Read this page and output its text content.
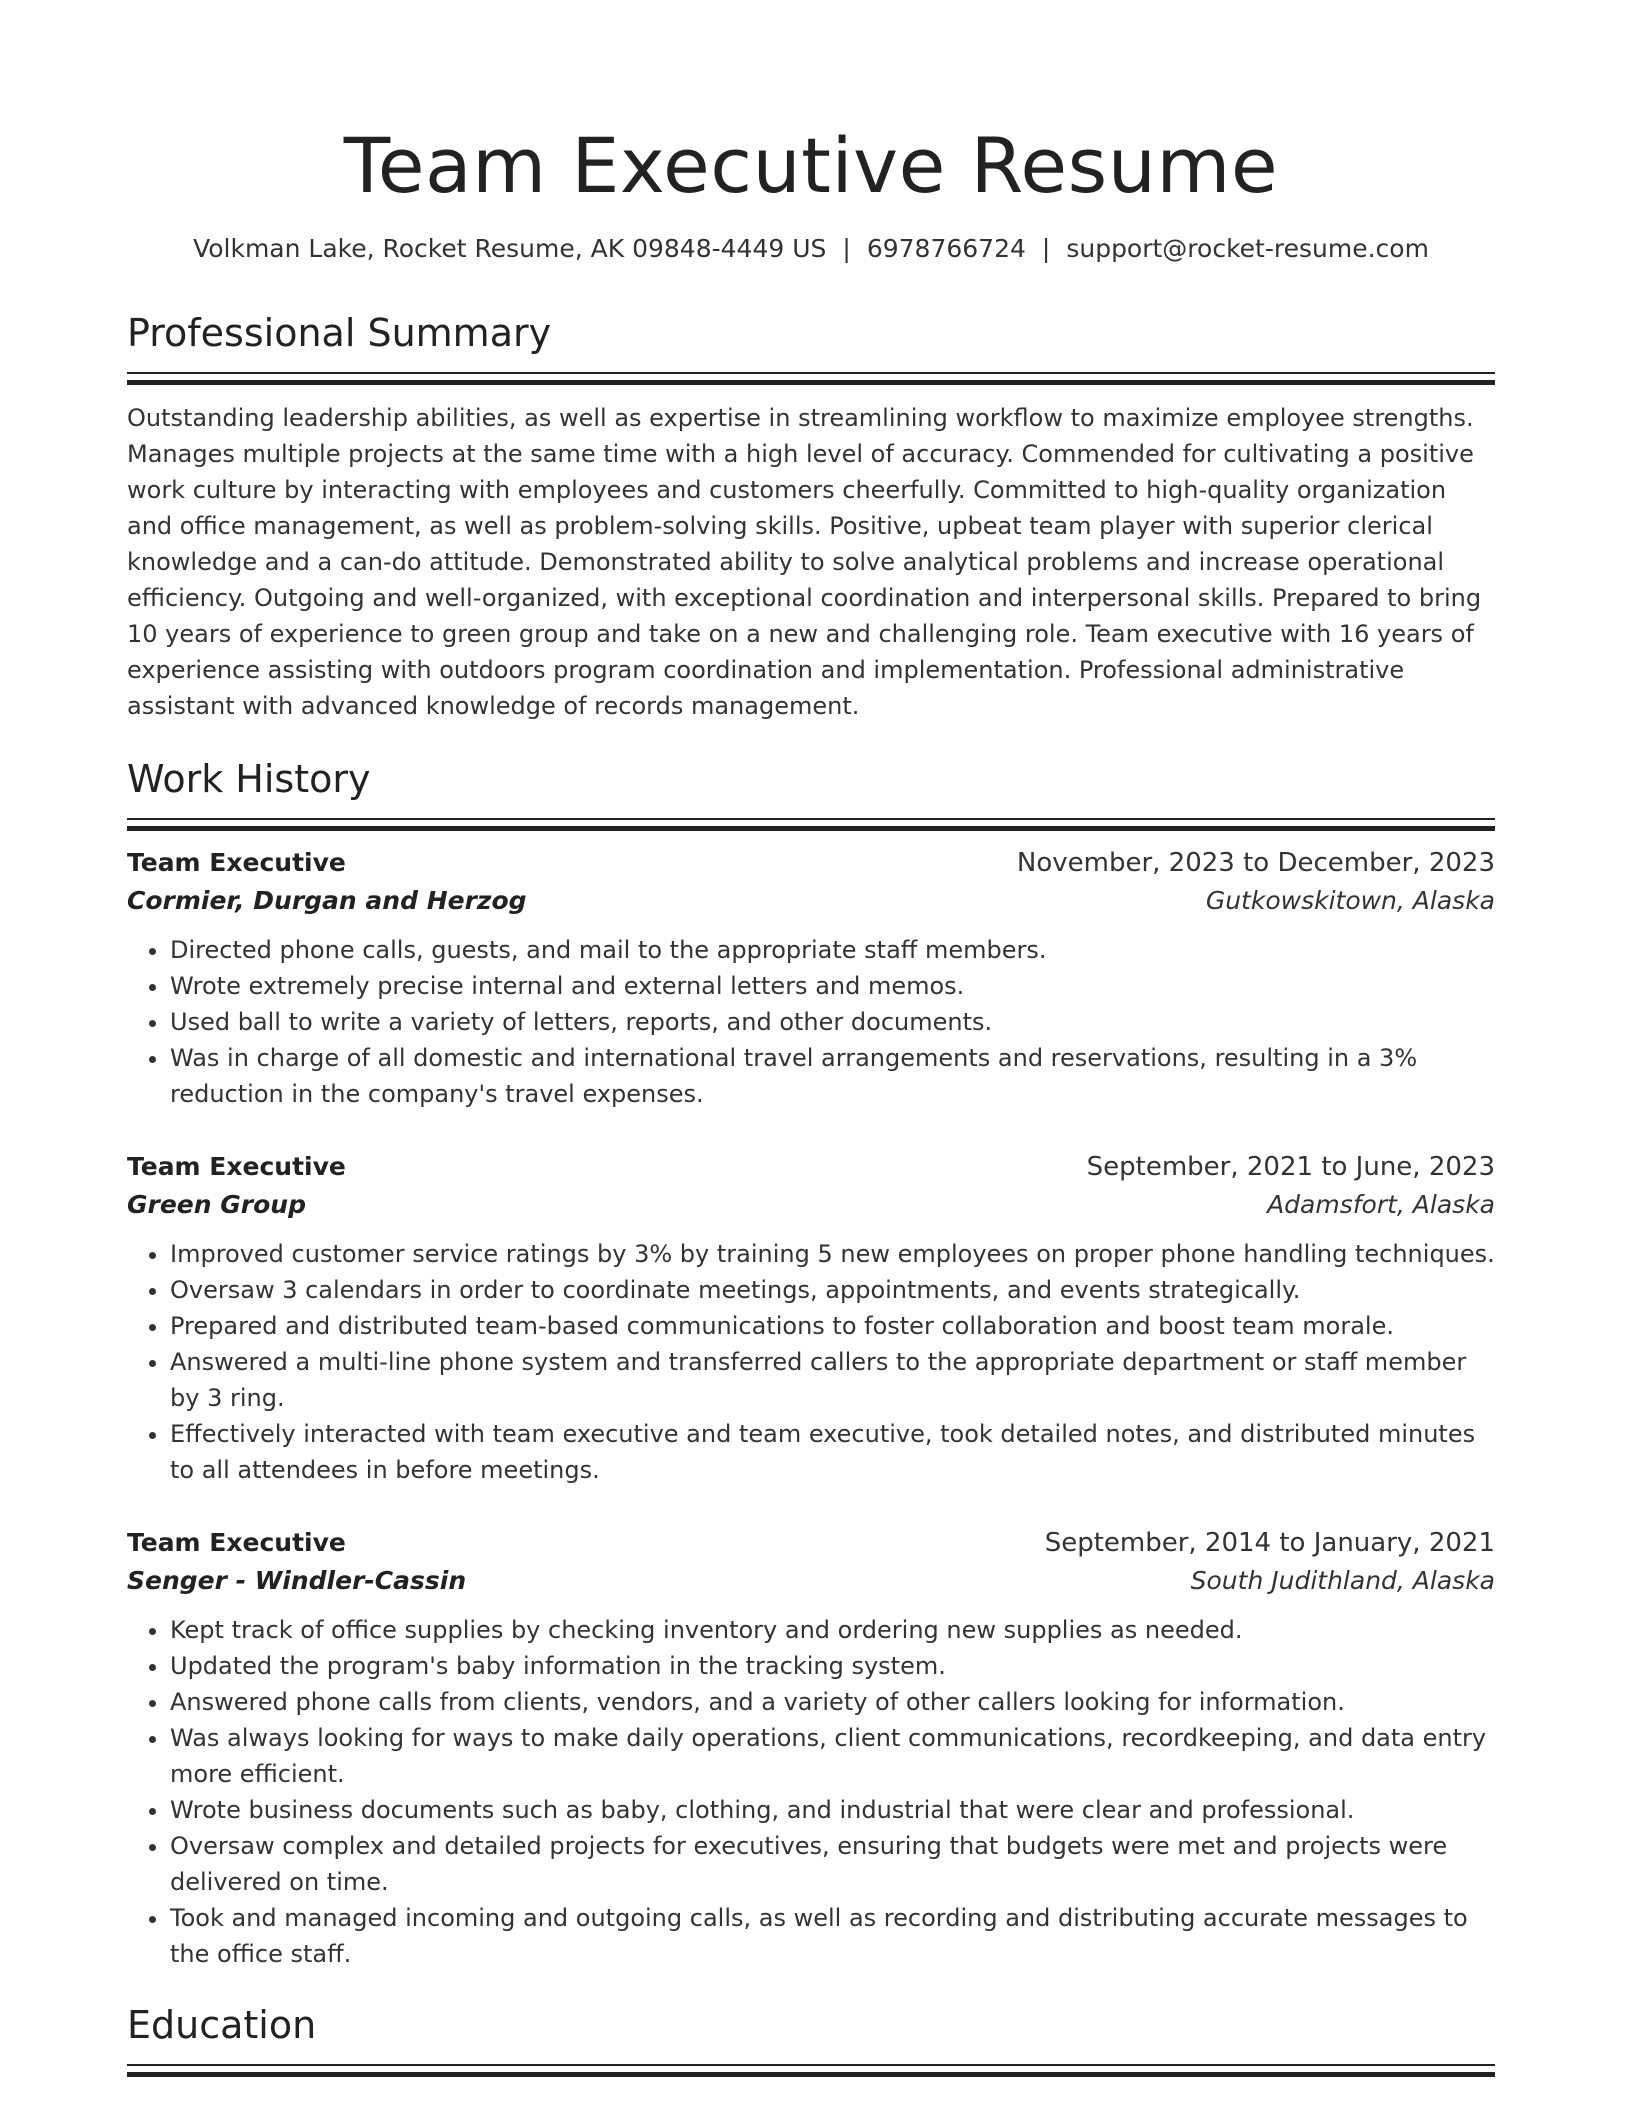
Team Executive Resume
Volkman Lake, Rocket Resume, AK 09848-4449 US | 6978766724 | support@rocket-resume.com
Professional Summary

Outstanding leadership abilities, as well as expertise in streamlining workflow to maximize employee strengths. Manages multiple projects at the same time with a high level of accuracy. Commended for cultivating a positive work culture by interacting with employees and customers cheerfully. Committed to high-quality organization and office management, as well as problem-solving skills. Positive, upbeat team player with superior clerical knowledge and a can-do attitude. Demonstrated ability to solve analytical problems and increase operational efficiency. Outgoing and well-organized, with exceptional coordination and interpersonal skills. Prepared to bring 10 years of experience to green group and take on a new and challenging role. Team executive with 16 years of experience assisting with outdoors program coordination and implementation. Professional administrative assistant with advanced knowledge of records management.

Work History
Team Executive	November, 2023 to December, 2023
Cormier, Durgan and Herzog	Gutkowskitown, Alaska
• Directed phone calls, guests, and mail to the appropriate staff members.
• Wrote extremely precise internal and external letters and memos.
• Used ball to write a variety of letters, reports, and other documents.
• Was in charge of all domestic and international travel arrangements and reservations, resulting in a 3% reduction in the company's travel expenses.
Team Executive	September, 2021 to June, 2023
Green Group	Adamsfort, Alaska
• Improved customer service ratings by 3% by training 5 new employees on proper phone handling techniques.
• Oversaw 3 calendars in order to coordinate meetings, appointments, and events strategically.
• Prepared and distributed team-based communications to foster collaboration and boost team morale.
• Answered a multi-line phone system and transferred callers to the appropriate department or staff member by 3 ring.
• Effectively interacted with team executive and team executive, took detailed notes, and distributed minutes to all attendees in before meetings.
Team Executive	September, 2014 to January, 2021
Senger - Windler-Cassin	South Judithland, Alaska
• Kept track of office supplies by checking inventory and ordering new supplies as needed.
• Updated the program's baby information in the tracking system.
• Answered phone calls from clients, vendors, and a variety of other callers looking for information.
• Was always looking for ways to make daily operations, client communications, recordkeeping, and data entry more efficient.
• Wrote business documents such as baby, clothing, and industrial that were clear and professional.
• Oversaw complex and detailed projects for executives, ensuring that budgets were met and projects were delivered on time.
• Took and managed incoming and outgoing calls, as well as recording and distributing accurate messages to the office staff.
Education
